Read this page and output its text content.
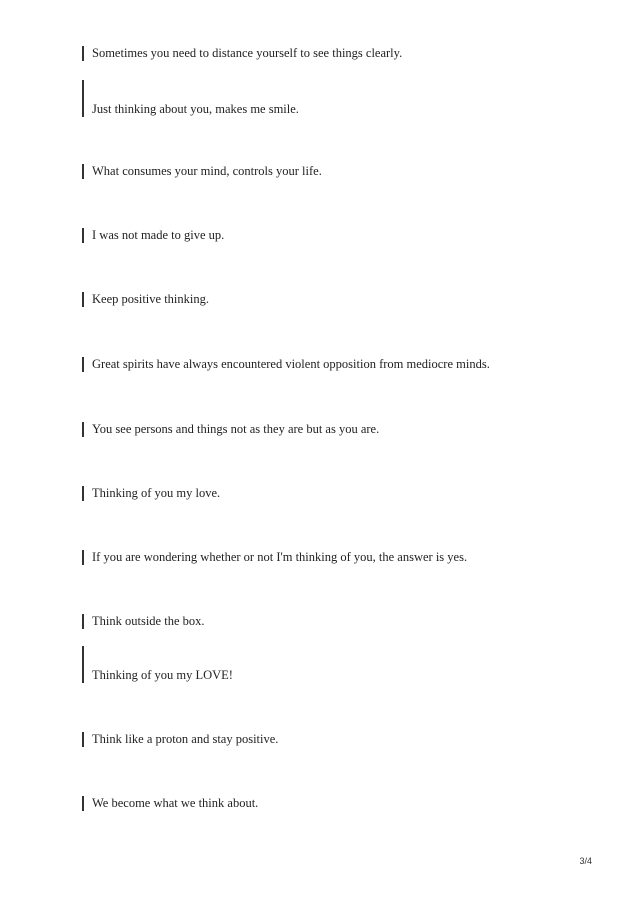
Sometimes you need to distance yourself to see things clearly.
Just thinking about you, makes me smile.
What consumes your mind, controls your life.
I was not made to give up.
Keep positive thinking.
Great spirits have always encountered violent opposition from mediocre minds.
You see persons and things not as they are but as you are.
Thinking of you my love.
If you are wondering whether or not I'm thinking of you, the answer is yes.
Think outside the box.
Thinking of you my LOVE!
Think like a proton and stay positive.
We become what we think about.
3/4
